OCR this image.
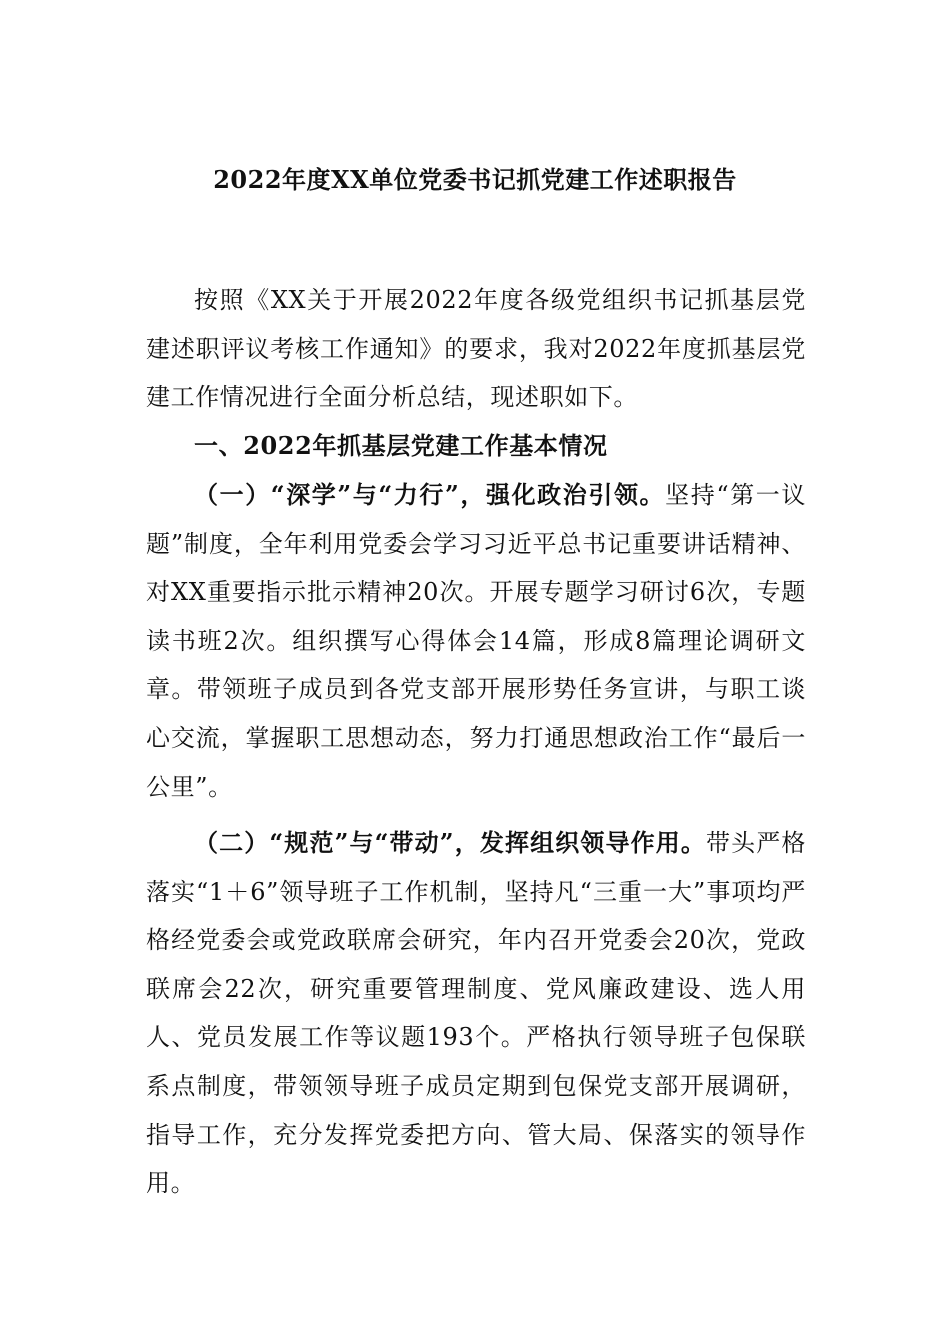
2022年度XX单位党委书记抓党建工作述职报告

按照《XX关于开展2022年度各级党组织书记抓基层党建述职评议考核工作通知》的要求，我对2022年度抓基层党建工作情况进行全面分析总结，现述职如下。

一、2022年抓基层党建工作基本情况

（一）“深学”与“力行”，强化政治引领。坚持“第一议题”制度，全年利用党委会学习习近平总书记重要讲话精神、对XX重要指示批示精神20次。开展专题学习研讨6次，专题读书班2次。组织撰写心得体会14篇，形成8篇理论调研文章。带领班子成员到各党支部开展形势任务宣讲，与职工谈心交流，掌握职工思想动态，努力打通思想政治工作“最后一公里”。

（二）“规范”与“带动”，发挥组织领导作用。带头严格落实“1＋6”领导班子工作机制，坚持凡“三重一大”事项均严格经党委会或党政联席会研究，年内召开党委会20次，党政联席会22次，研究重要管理制度、党风廉政建设、选人用人、党员发展工作等议题193个。严格执行领导班子包保联系点制度，带领领导班子成员定期到包保党支部开展调研，指导工作，充分发挥党委把方向、管大局、保落实的领导作用。
